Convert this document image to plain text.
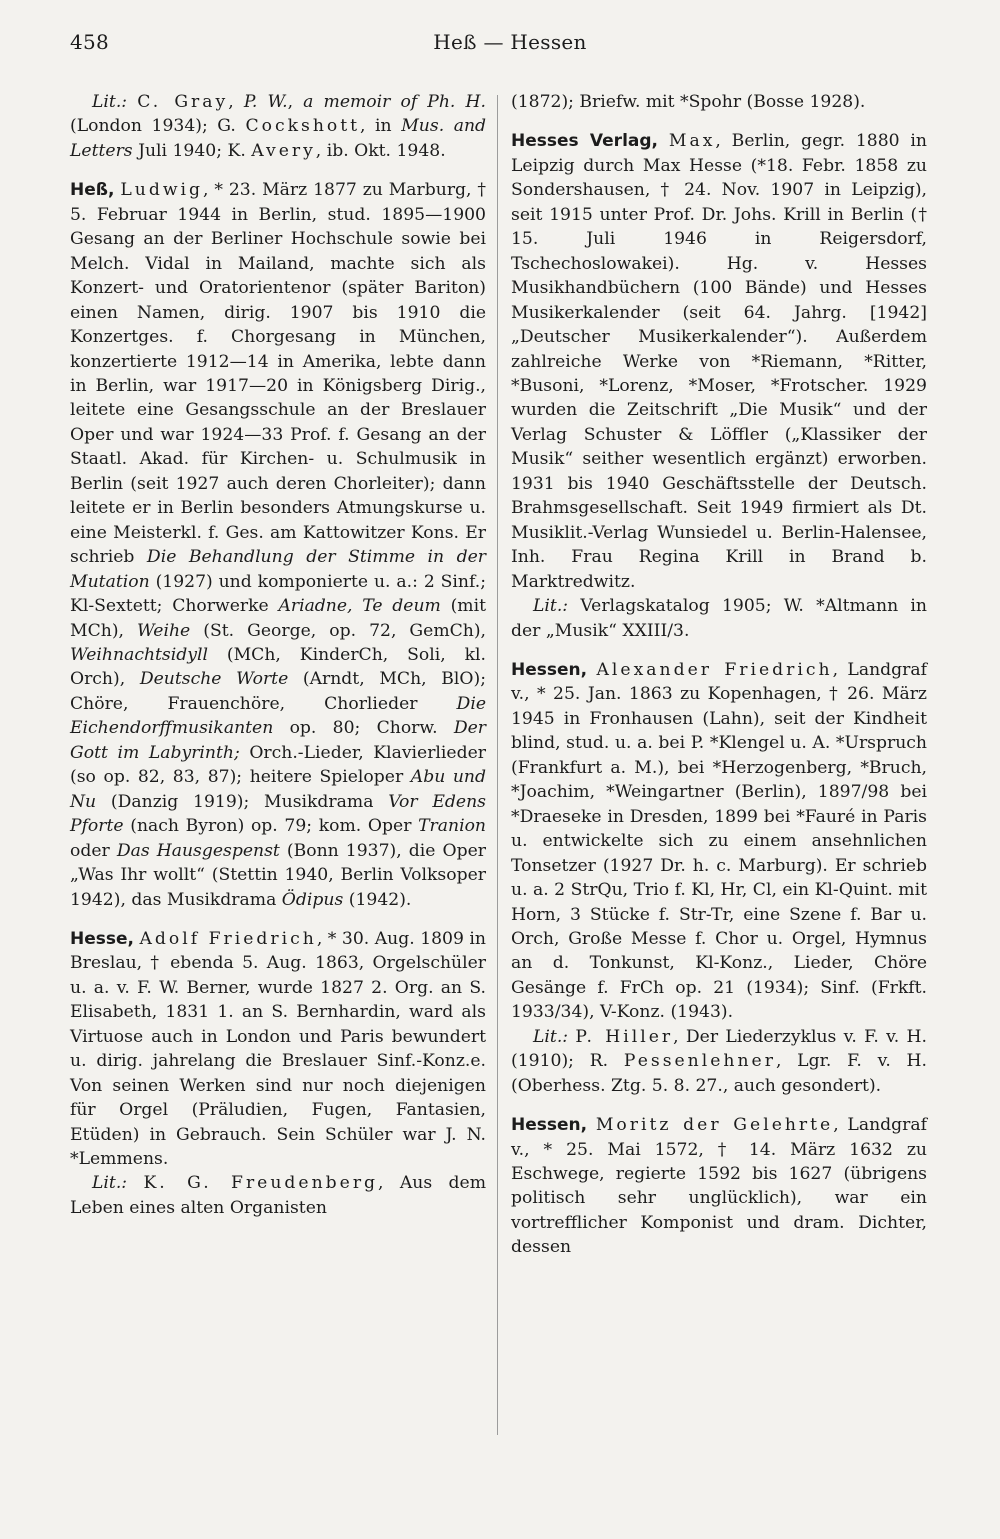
458	Heß — Hessen

Lit.: C. Gray, P. W., a memoir of Ph. H. (London 1934); G. Cockshott, in Mus. and Letters Juli 1940; K. Avery, ib. Okt. 1948.

Heß, Ludwig, * 23. März 1877 zu Marburg, † 5. Februar 1944 in Berlin, stud. 1895—1900 Gesang an der Berliner Hochschule sowie bei Melch. Vidal in Mailand, machte sich als Konzert- und Oratorientenor (später Bariton) einen Namen, dirig. 1907 bis 1910 die Konzertges. f. Chorgesang in München, konzertierte 1912—14 in Amerika, lebte dann in Berlin, war 1917—20 in Königsberg Dirig., leitete eine Gesangsschule an der Breslauer Oper und war 1924—33 Prof. f. Gesang an der Staatl. Akad. für Kirchen- u. Schulmusik in Berlin (seit 1927 auch deren Chorleiter); dann leitete er in Berlin besonders Atmungskurse u. eine Meisterkl. f. Ges. am Kattowitzer Kons. Er schrieb Die Behandlung der Stimme in der Mutation (1927) und komponierte u. a.: 2 Sinf.; Kl-Sextett; Chorwerke Ariadne, Te deum (mit MCh), Weihe (St. George, op. 72, GemCh), Weihnachtsidyll (MCh, KinderCh, Soli, kl. Orch), Deutsche Worte (Arndt, MCh, BlO); Chöre, Frauenchöre, Chorlieder Die Eichendorffmusikanten op. 80; Chorw. Der Gott im Labyrinth; Orch.-Lieder, Klavierlieder (so op. 82, 83, 87); heitere Spieloper Abu und Nu (Danzig 1919); Musikdrama Vor Edens Pforte (nach Byron) op. 79; kom. Oper Tranion oder Das Hausgespenst (Bonn 1937), die Oper „Was Ihr wollt“ (Stettin 1940, Berlin Volksoper 1942), das Musikdrama Ödipus (1942).

Hesse, Adolf Friedrich, * 30. Aug. 1809 in Breslau, † ebenda 5. Aug. 1863, Orgelschüler u. a. v. F. W. Berner, wurde 1827 2. Org. an S. Elisabeth, 1831 1. an S. Bernhardin, ward als Virtuose auch in London und Paris bewundert u. dirig. jahrelang die Breslauer Sinf.-Konz.e. Von seinen Werken sind nur noch diejenigen für Orgel (Präludien, Fugen, Fantasien, Etüden) in Gebrauch. Sein Schüler war J. N. *Lemmens.

Lit.: K. G. Freudenberg, Aus dem Leben eines alten Organisten

(1872); Briefw. mit *Spohr (Bosse 1928).

Hesses Verlag, Max, Berlin, gegr. 1880 in Leipzig durch Max Hesse (*18. Febr. 1858 zu Sondershausen, † 24. Nov. 1907 in Leipzig), seit 1915 unter Prof. Dr. Johs. Krill in Berlin († 15. Juli 1946 in Reigersdorf, Tschechoslowakei). Hg. v. Hesses Musikhandbüchern (100 Bände) und Hesses Musikerkalender (seit 64. Jahrg. [1942] „Deutscher Musikerkalender“). Außerdem zahlreiche Werke von *Riemann, *Ritter, *Busoni, *Lorenz, *Moser, *Frotscher. 1929 wurden die Zeitschrift „Die Musik“ und der Verlag Schuster & Löffler („Klassiker der Musik“ seither wesentlich ergänzt) erworben. 1931 bis 1940 Geschäftsstelle der Deutsch. Brahmsgesellschaft. Seit 1949 firmiert als Dt. Musiklit.-Verlag Wunsiedel u. Berlin-Halensee, Inh. Frau Regina Krill in Brand b. Marktredwitz.

Lit.: Verlagskatalog 1905; W. *Altmann in der „Musik“ XXIII/3.

Hessen, Alexander Friedrich, Landgraf v., * 25. Jan. 1863 zu Kopenhagen, † 26. März 1945 in Fronhausen (Lahn), seit der Kindheit blind, stud. u. a. bei P. *Klengel u. A. *Urspruch (Frankfurt a. M.), bei *Herzogenberg, *Bruch, *Joachim, *Weingartner (Berlin), 1897/98 bei *Draeseke in Dresden, 1899 bei *Fauré in Paris u. entwickelte sich zu einem ansehnlichen Tonsetzer (1927 Dr. h. c. Marburg). Er schrieb u. a. 2 StrQu, Trio f. Kl, Hr, Cl, ein Kl-Quint. mit Horn, 3 Stücke f. Str-Tr, eine Szene f. Bar u. Orch, Große Messe f. Chor u. Orgel, Hymnus an d. Tonkunst, Kl-Konz., Lieder, Chöre Gesänge f. FrCh op. 21 (1934); Sinf. (Frkft. 1933/34), V-Konz. (1943).

Lit.: P. Hiller, Der Liederzyklus v. F. v. H. (1910); R. Pessenlehner, Lgr. F. v. H. (Oberhess. Ztg. 5. 8. 27., auch gesondert).

Hessen, Moritz der Gelehrte, Landgraf v., * 25. Mai 1572, † 14. März 1632 zu Eschwege, regierte 1592 bis 1627 (übrigens politisch sehr unglücklich), war ein vortrefflicher Komponist und dram. Dichter, dessen
